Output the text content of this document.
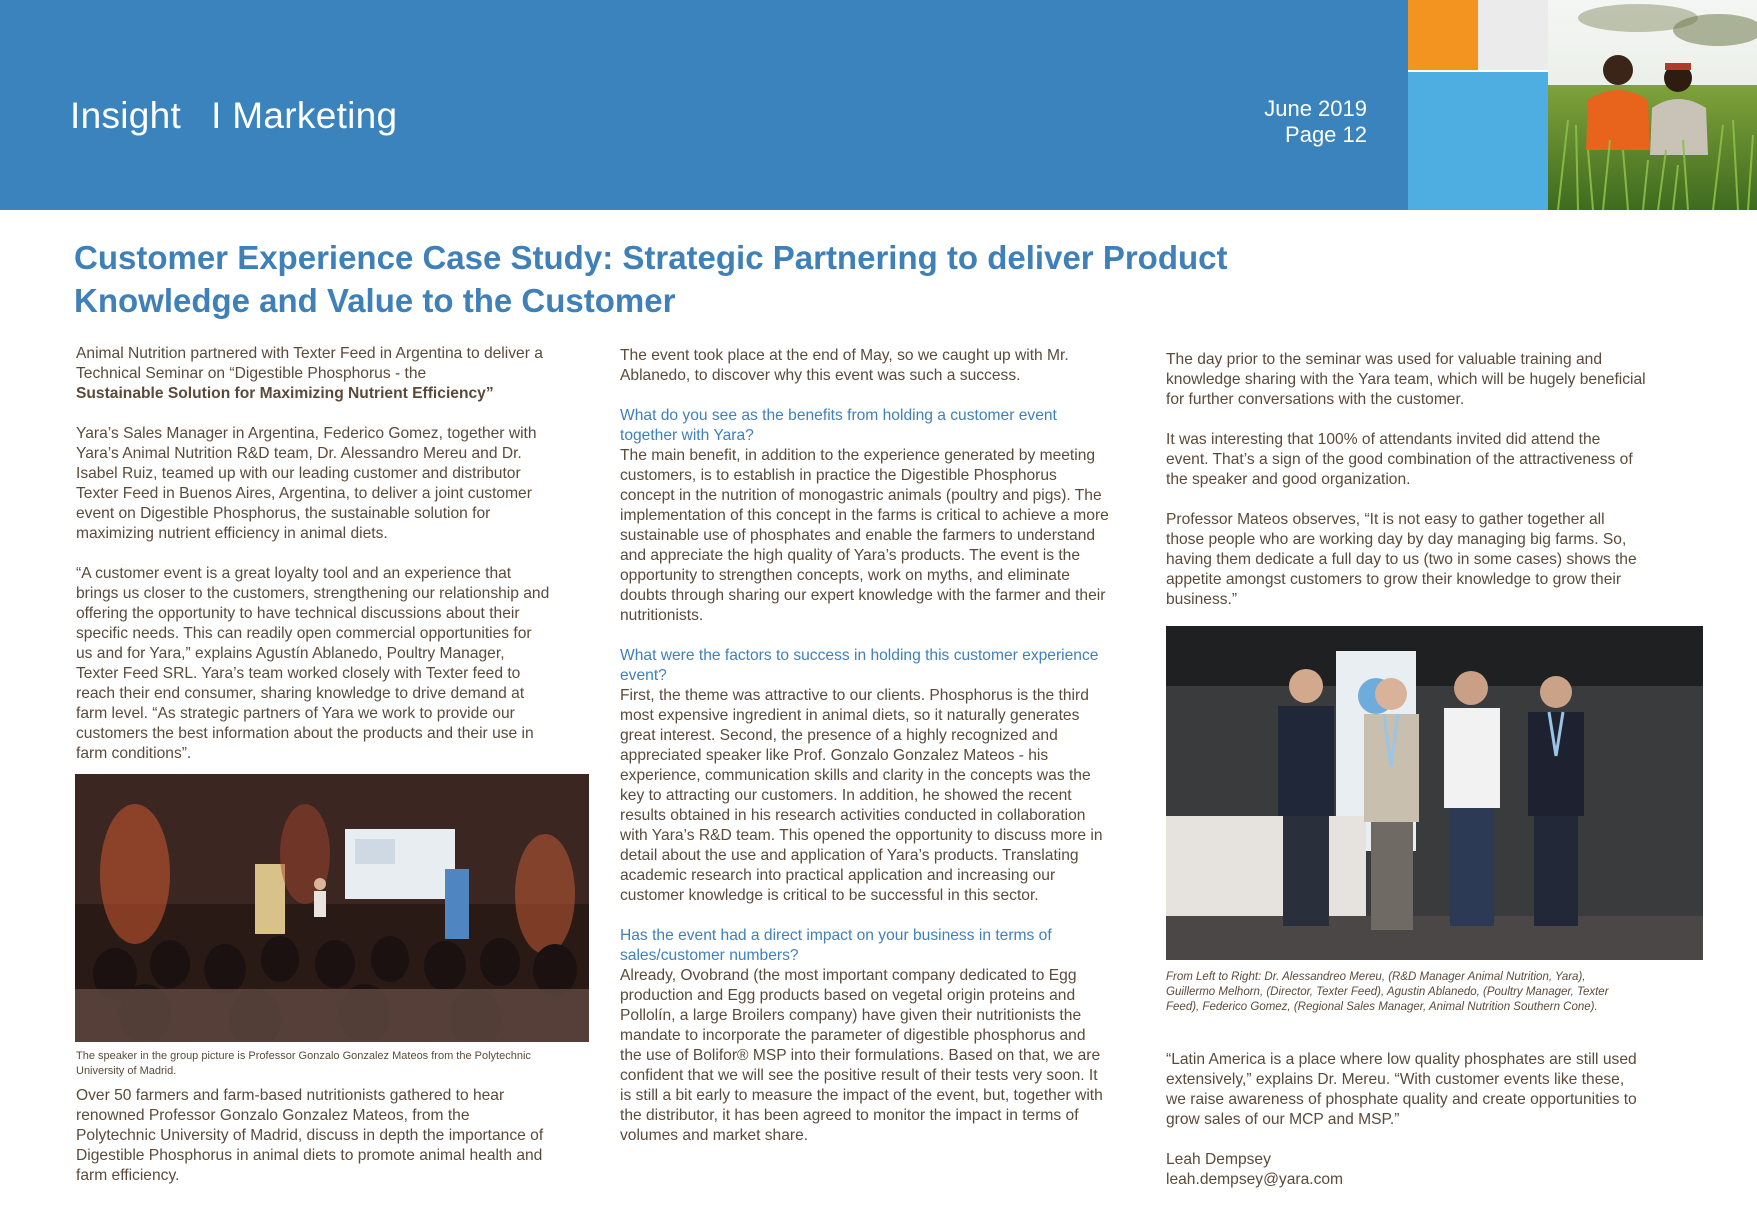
Insight I Marketing	June 2019
Page 12
Customer Experience Case Study: Strategic Partnering to deliver Product Knowledge and Value to the Customer

Animal Nutrition partnered with Texter Feed in Argentina to deliver a Technical Seminar on “Digestible Phosphorus - the
Sustainable Solution for Maximizing Nutrient Efficiency”

Yara’s Sales Manager in Argentina, Federico Gomez, together with Yara’s Animal Nutrition R&D team, Dr. Alessandro Mereu and Dr. Isabel Ruiz, teamed up with our leading customer and distributor Texter Feed in Buenos Aires, Argentina, to deliver a joint customer event on Digestible Phosphorus, the sustainable solution for maximizing nutrient efficiency in animal diets.

“A customer event is a great loyalty tool and an experience that brings us closer to the customers, strengthening our relationship and offering the opportunity to have technical discussions about their specific needs. This can readily open commercial opportunities for us and for Yara,” explains Agustín Ablanedo, Poultry Manager, Texter Feed SRL. Yara’s team worked closely with Texter feed to reach their end consumer, sharing knowledge to drive demand at farm level. “As strategic partners of Yara we work to provide our customers the best information about the products and their use in farm conditions”.

The speaker in the group picture is Professor Gonzalo Gonzalez Mateos from the Polytechnic University of Madrid.
Over 50 farmers and farm-based nutritionists gathered to hear renowned Professor Gonzalo Gonzalez Mateos, from the Polytechnic University of Madrid, discuss in depth the importance of Digestible Phosphorus in animal diets to promote animal health and farm efficiency.

The event took place at the end of May, so we caught up with Mr. Ablanedo, to discover why this event was such a success.

What do you see as the benefits from holding a customer event together with Yara?

The main benefit, in addition to the experience generated by meeting customers, is to establish in practice the Digestible Phosphorus concept in the nutrition of monogastric animals (poultry and pigs). The implementation of this concept in the farms is critical to achieve a more sustainable use of phosphates and enable the farmers to understand and appreciate the high quality of Yara’s products. The event is the opportunity to strengthen concepts, work on myths, and eliminate doubts through sharing our expert knowledge with the farmer and their nutritionists.

What were the factors to success in holding this customer experience event?

First, the theme was attractive to our clients. Phosphorus is the third most expensive ingredient in animal diets, so it naturally generates great interest. Second, the presence of a highly recognized and appreciated speaker like Prof. Gonzalo Gonzalez Mateos - his experience, communication skills and clarity in the concepts was the key to attracting our customers. In addition, he showed the recent results obtained in his research activities conducted in collaboration with Yara’s R&D team. This opened the opportunity to discuss more in detail about the use and application of Yara’s products. Translating academic research into practical application and increasing our customer knowledge is critical to be successful in this sector.

Has the event had a direct impact on your business in terms of sales/customer numbers?

Already, Ovobrand (the most important company dedicated to Egg production and Egg products based on vegetal origin proteins and Pollolín, a large Broilers company) have given their nutritionists the mandate to incorporate the parameter of digestible phosphorus and the use of Bolifor® MSP into their formulations. Based on that, we are confident that we will see the positive result of their tests very soon. It is still a bit early to measure the impact of the event, but, together with the distributor, it has been agreed to monitor the impact in terms of volumes and market share.

The day prior to the seminar was used for valuable training and knowledge sharing with the Yara team, which will be hugely beneficial for further conversations with the customer.

It was interesting that 100% of attendants invited did attend the event. That’s a sign of the good combination of the attractiveness of the speaker and good organization.

Professor Mateos observes, “It is not easy to gather together all those people who are working day by day managing big farms. So, having them dedicate a full day to us (two in some cases) shows the appetite amongst customers to grow their knowledge to grow their business.”

From Left to Right: Dr. Alessandreo Mereu, (R&D Manager Animal Nutrition, Yara), Guillermo Melhorn, (Director, Texter Feed), Agustin Ablanedo, (Poultry Manager, Texter Feed), Federico Gomez, (Regional Sales Manager, Animal Nutrition Southern Cone).

“Latin America is a place where low quality phosphates are still used extensively,” explains Dr. Mereu. “With customer events like these, we raise awareness of phosphate quality and create opportunities to grow sales of our MCP and MSP.”

Leah Dempsey
leah.dempsey@yara.com
